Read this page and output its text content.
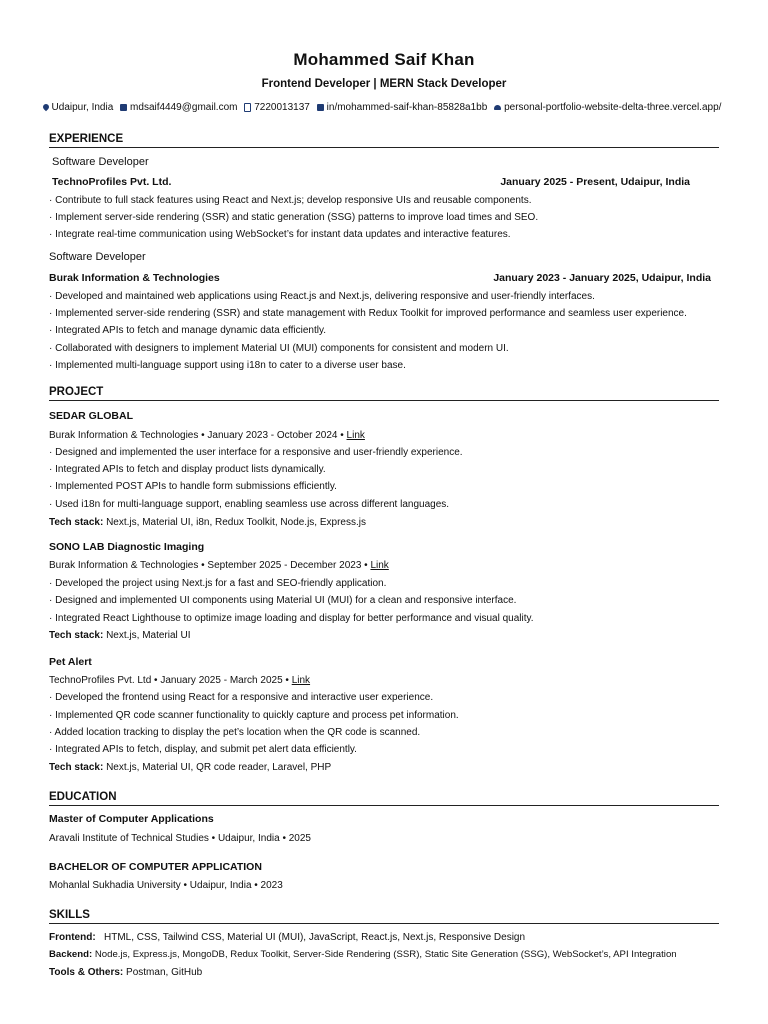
Mohammed Saif Khan
Frontend Developer | MERN Stack Developer
Udaipur, India mdsaif4449@gmail.com 7220013137 in/mohammed-saif-khan-85828a1bb personal-portfolio-website-delta-three.vercel.app/
EXPERIENCE
Software Developer
TechnoProfiles Pvt. Ltd.	January 2025 - Present, Udaipur, India
· Contribute to full stack features using React and Next.js; develop responsive UIs and reusable components.
· Implement server-side rendering (SSR) and static generation (SSG) patterns to improve load times and SEO.
· Integrate real-time communication using WebSocket’s for instant data updates and interactive features.
Software Developer
Burak Information & Technologies	January 2023 - January 2025, Udaipur, India
· Developed and maintained web applications using React.js and Next.js, delivering responsive and user-friendly interfaces.
· Implemented server-side rendering (SSR) and state management with Redux Toolkit for improved performance and seamless user experience.
· Integrated APIs to fetch and manage dynamic data efficiently.
· Collaborated with designers to implement Material UI (MUI) components for consistent and modern UI.
· Implemented multi-language support using i18n to cater to a diverse user base.
PROJECT
SEDAR GLOBAL
Burak Information & Technologies • January 2023 - October 2024 • Link
· Designed and implemented the user interface for a responsive and user-friendly experience.
· Integrated APIs to fetch and display product lists dynamically.
· Implemented POST APIs to handle form submissions efficiently.
· Used i18n for multi-language support, enabling seamless use across different languages.
Tech stack: Next.js, Material UI, i8n, Redux Toolkit, Node.js, Express.js
SONO LAB Diagnostic Imaging
Burak Information & Technologies • September 2025 - December 2023 • Link
· Developed the project using Next.js for a fast and SEO-friendly application.
· Designed and implemented UI components using Material UI (MUI) for a clean and responsive interface.
· Integrated React Lighthouse to optimize image loading and display for better performance and visual quality.
Tech stack: Next.js, Material UI
Pet Alert
TechnoProfiles Pvt. Ltd • January 2025 - March 2025 • Link
· Developed the frontend using React for a responsive and interactive user experience.
· Implemented QR code scanner functionality to quickly capture and process pet information.
· Added location tracking to display the pet’s location when the QR code is scanned.
· Integrated APIs to fetch, display, and submit pet alert data efficiently.
Tech stack: Next.js, Material UI, QR code reader, Laravel, PHP
EDUCATION
Master of Computer Applications
Aravali Institute of Technical Studies • Udaipur, India • 2025
BACHELOR OF COMPUTER APPLICATION
Mohanlal Sukhadia University • Udaipur, India • 2023
SKILLS
Frontend: HTML, CSS, Tailwind CSS, Material UI (MUI), JavaScript, React.js, Next.js, Responsive Design
Backend: Node.js, Express.js, MongoDB, Redux Toolkit, Server-Side Rendering (SSR), Static Site Generation (SSG), WebSocket’s, API Integration
Tools & Others: Postman, GitHub
